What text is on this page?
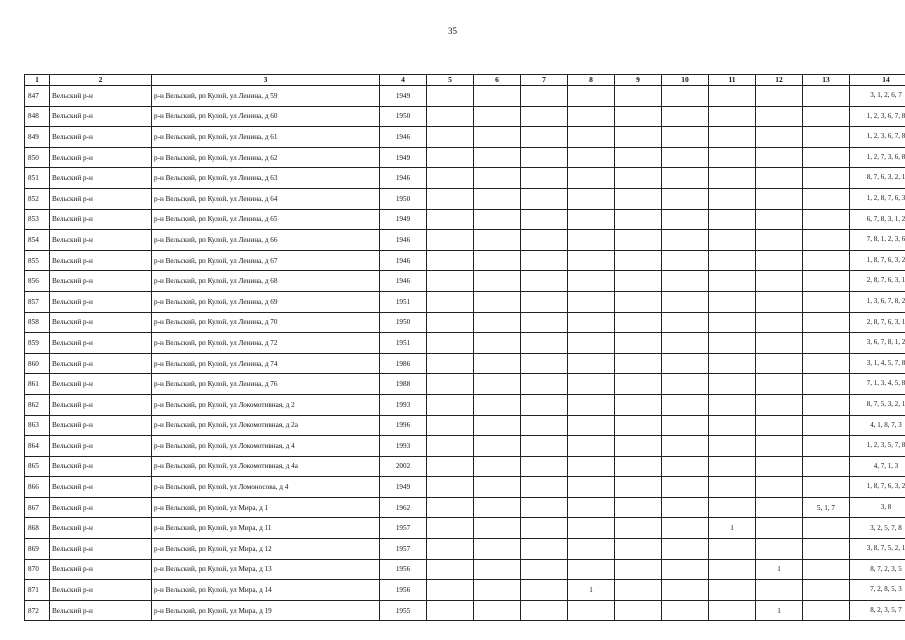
35
1	2	3	4	5	6	7	8	9	10	11	12	13	14
847	Вельский р-н	р-н Вельский, рп Кулой, ул Ленина, д 59	1949										3, 1, 2, 6, 7
848	Вельский р-н	р-н Вельский, рп Кулой, ул Ленина, д 60	1950										1, 2, 3, 6, 7, 8
849	Вельский р-н	р-н Вельский, рп Кулой, ул Ленина, д 61	1946										1, 2, 3, 6, 7, 8
850	Вельский р-н	р-н Вельский, рп Кулой, ул Ленина, д 62	1949										1, 2, 7, 3, 6, 8
851	Вельский р-н	р-н Вельский, рп Кулой, ул Ленина, д 63	1946										8, 7, 6, 3, 2, 1
852	Вельский р-н	р-н Вельский, рп Кулой, ул Ленина, д 64	1950										1, 2, 8, 7, 6, 3
853	Вельский р-н	р-н Вельский, рп Кулой, ул Ленина, д 65	1949										6, 7, 8, 3, 1, 2
854	Вельский р-н	р-н Вельский, рп Кулой, ул Ленина, д 66	1946										7, 8, 1, 2, 3, 6
855	Вельский р-н	р-н Вельский, рп Кулой, ул Ленина, д 67	1946										1, 8, 7, 6, 3, 2
856	Вельский р-н	р-н Вельский, рп Кулой, ул Ленина, д 68	1946										2, 8, 7, 6, 3, 1
857	Вельский р-н	р-н Вельский, рп Кулой, ул Ленина, д 69	1951										1, 3, 6, 7, 8, 2
858	Вельский р-н	р-н Вельский, рп Кулой, ул Ленина, д 70	1950										2, 8, 7, 6, 3, 1
859	Вельский р-н	р-н Вельский, рп Кулой, ул Ленина, д 72	1951										3, 6, 7, 8, 1, 2
860	Вельский р-н	р-н Вельский, рп Кулой, ул Ленина, д 74	1986										3, 1, 4, 5, 7, 8
861	Вельский р-н	р-н Вельский, рп Кулой, ул Ленина, д 76	1988										7, 1, 3, 4, 5, 8
862	Вельский р-н	р-н Вельский, рп Кулой, ул Локомотивная, д 2	1993										8, 7, 5, 3, 2, 1
863	Вельский р-н	р-н Вельский, рп Кулой, ул Локомотивная, д 2а	1996										4, 1, 8, 7, 3
864	Вельский р-н	р-н Вельский, рп Кулой, ул Локомотивная, д 4	1993										1, 2, 3, 5, 7, 8
865	Вельский р-н	р-н Вельский, рп Кулой, ул Локомотивная, д 4а	2002										4, 7, 1, 3
866	Вельский р-н	р-н Вельский, рп Кулой, ул Ломоносова, д 4	1949										1, 8, 7, 6, 3, 2
867	Вельский р-н	р-н Вельский, рп Кулой, ул Мира, д 1	1962									5, 1, 7	3, 8
868	Вельский р-н	р-н Вельский, рп Кулой, ул Мира, д 11	1957							1			3, 2, 5, 7, 8
869	Вельский р-н	р-н Вельский, рп Кулой, ул Мира, д 12	1957										3, 8, 7, 5, 2, 1
870	Вельский р-н	р-н Вельский, рп Кулой, ул Мира, д 13	1956								1		8, 7, 2, 3, 5
871	Вельский р-н	р-н Вельский, рп Кулой, ул Мира, д 14	1956				1						7, 2, 8, 5, 3
872	Вельский р-н	р-н Вельский, рп Кулой, ул Мира, д 19	1955								1		8, 2, 3, 5, 7
